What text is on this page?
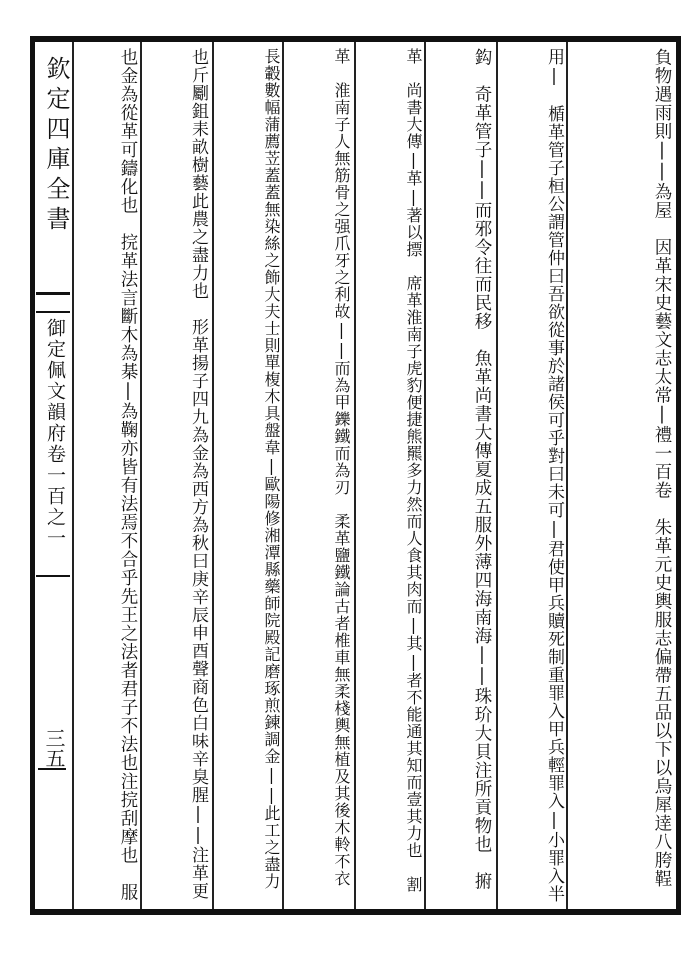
欽定四庫全書
御定佩文韻府卷一百之一
三五	負物遇雨則||為屋　因革宋史藝文志太常|禮一百卷　朱革元史輿服志偏帶五品以下以烏犀逹八胯鞓
用|　楯革管子桓公謂管仲曰吾欲從事於諸侯可乎對曰未可|君使甲兵贖死制重罪入甲兵輕罪入|小罪入半
鈎　奇革管子||而邪令往而民移　魚革尚書大傳夏成五服外薄四海南海||珠玠大貝注所貢物也　捬
革　尚書大傳|革|著以摽　席革淮南子虎豹便捷熊羆多力然而人食其肉而|其|者不能通其知而壹其力也　割
革　淮南子人無筋骨之强爪牙之利故||而為甲鑠鐵而為刃　柔革鹽鐵論古者椎車無柔棧輿無植及其後木軨不衣
長轂數幅蒲薦苙蓋蓋無染絲之飾大夫士則單椱木具盤韋|歐陽修湘潭縣藥師院殿記磨琢煎鍊調金||此工之盡力
也斤劚鉏耒畝樹藝此農之盡力也　形革揚子四九為金為西方為秋曰庚辛辰申酉聲商色白味辛臭腥||注革更
也金為從革可鑄化也　捖革法言斷木為棊|為鞠亦皆有法焉不合乎先王之法者君子不法也注捖刮摩也　服
